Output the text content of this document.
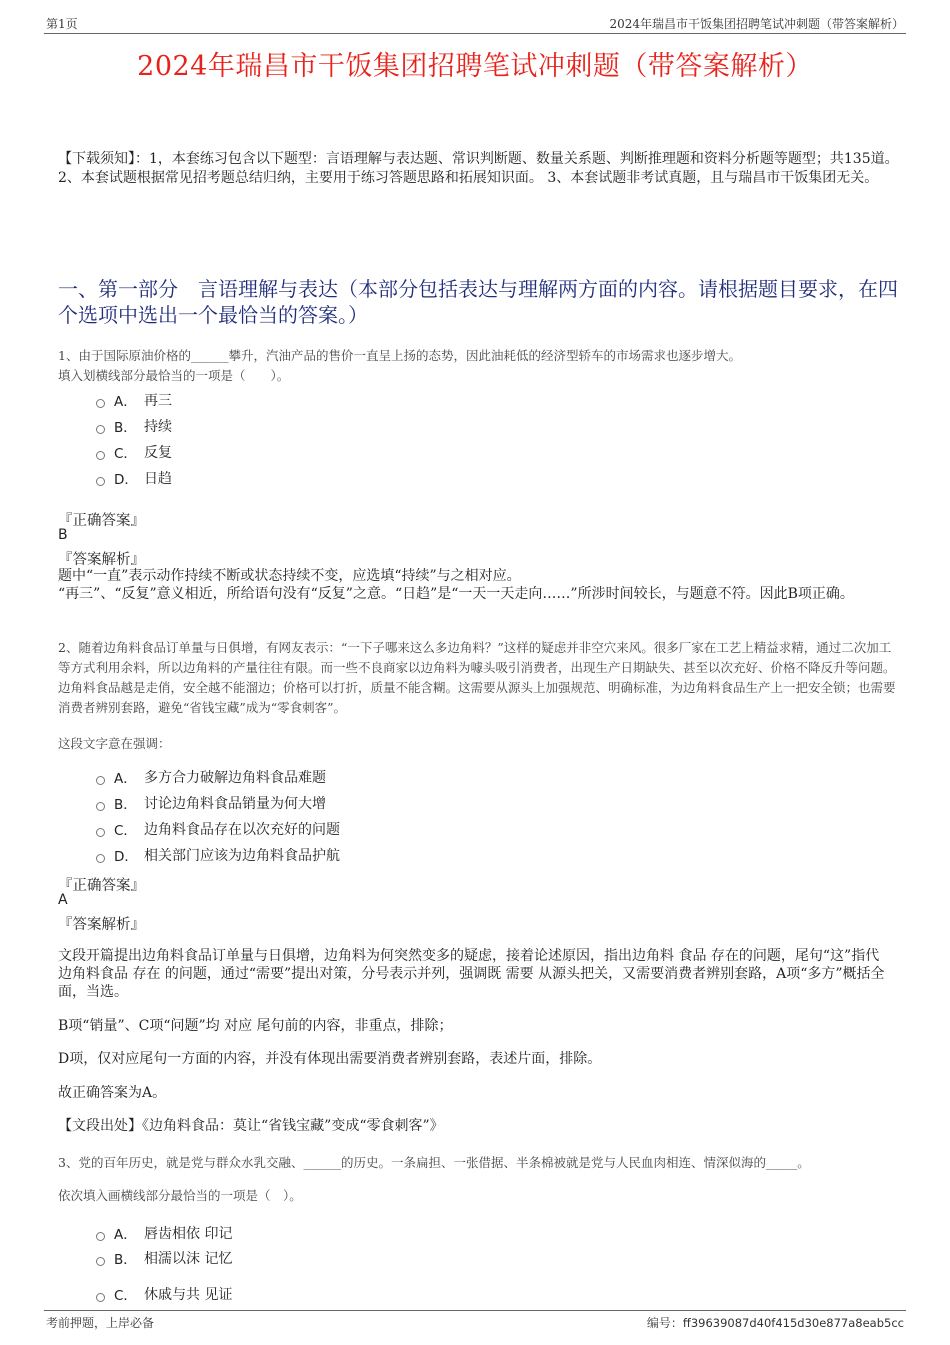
第1页	2024年瑞昌市干饭集团招聘笔试冲刺题（带答案解析）
2024年瑞昌市干饭集团招聘笔试冲刺题（带答案解析）
【下载须知】：1，本套练习包含以下题型：言语理解与表达题、常识判断题、数量关系题、判断推理题和资料分析题等题型；共135道。 2、本套试题根据常见招考题总结归纳，主要用于练习答题思路和拓展知识面。 3、本套试题非考试真题，且与瑞昌市干饭集团无关。
一、第一部分　言语理解与表达（本部分包括表达与理解两方面的内容。请根据题目要求，在四个选项中选出一个最恰当的答案。）
1、由于国际原油价格的______攀升，汽油产品的售价一直呈上扬的态势，因此油耗低的经济型轿车的市场需求也逐步增大。
填入划横线部分最恰当的一项是（　　）。
A． 再三
B． 持续
C． 反复
D． 日趋
『正确答案』
B
『答案解析』
题中“一直”表示动作持续不断或状态持续不变，应选填“持续”与之相对应。
“再三”、“反复”意义相近，所给语句没有“反复”之意。“日趋”是“一天一天走向……”所涉时间较长，与题意不符。因此B项正确。
2、随着边角料食品订单量与日俱增，有网友表示：“一下子哪来这么多边角料？”这样的疑虑并非空穴来风。很多厂家在工艺上精益求精，通过二次加工等方式利用余料，所以边角料的产量往往有限。而一些不良商家以边角料为噱头吸引消费者，出现生产日期缺失、甚至以次充好、价格不降反升等问题。边角料食品越是走俏，安全越不能溜边；价格可以打折，质量不能含糊。这需要从源头上加强规范、明确标准，为边角料食品生产上一把安全锁；也需要消费者辨别套路，避免“省钱宝藏”成为“零食刺客”。
这段文字意在强调：
A． 多方合力破解边角料食品难题
B． 讨论边角料食品销量为何大增
C． 边角料食品存在以次充好的问题
D． 相关部门应该为边角料食品护航
『正确答案』
A
『答案解析』
文段开篇提出边角料食品订单量与日俱增，边角料为何突然变多的疑虑，接着论述原因，指出边角料 食品 存在的问题，尾句“这”指代边角料食品 存在 的问题，通过“需要”提出对策，分号表示并列，强调既 需要 从源头把关，又需要消费者辨别套路，A项“多方”概括全面，当选。
B项“销量”、C项“问题”均 对应 尾句前的内容，非重点，排除；
D项，仅对应尾句一方面的内容，并没有体现出需要消费者辨别套路，表述片面，排除。
故正确答案为A。
【文段出处】《边角料食品：莫让“省钱宝藏”变成“零食刺客”》
3、党的百年历史，就是党与群众水乳交融、______的历史。一条扁担、一张借据、半条棉被就是党与人民血肉相连、情深似海的_____。
依次填入画横线部分最恰当的一项是（　）。
A． 唇齿相依 印记
B． 相濡以沫 记忆
C． 休戚与共 见证
考前押题，上岸必备	编号：ff39639087d40f415d30e877a8eab5cc
